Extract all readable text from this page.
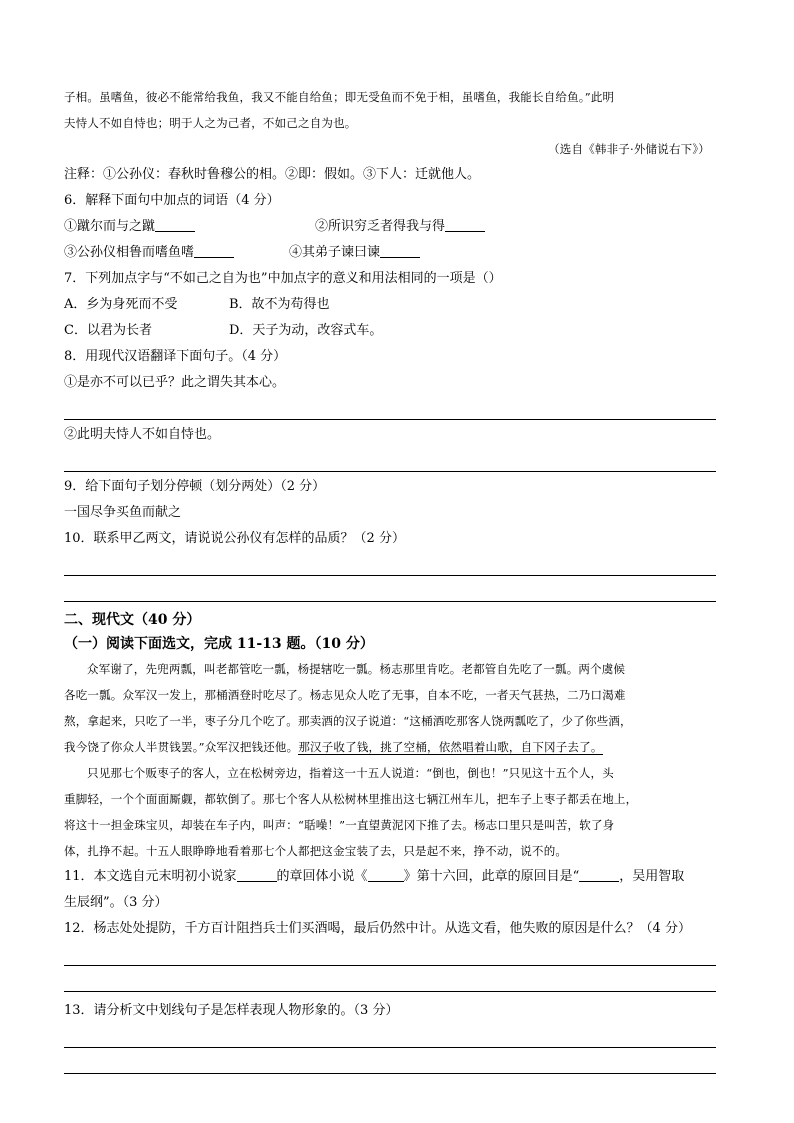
子相。虽嗜鱼，彼必不能常给我鱼，我又不能自给鱼；即无受鱼而不免于相，虽嗜鱼，我能长自给鱼。”此明
夫恃人不如自恃也；明于人之为己者，不如己之自为也。
（选自《韩非子·外储说右下》）
注释：①公孙仪：春秋时鲁穆公的相。②即：假如。③下人：迁就他人。
6．解释下面句中加点的词语（4 分）
①蹴尔而与之蹴	②所识穷乏者得我与得
③公孙仪相鲁而嗜鱼嗜	④其弟子谏曰谏
7．下列加点字与“不如己之自为也”中加点字的意义和用法相同的一项是（）
A．乡为身死而不受	B．故不为苟得也
C．以君为长者	D．天子为动，改容式车。
8．用现代汉语翻译下面句子。（4 分）
①是亦不可以已乎？此之谓失其本心。
②此明夫恃人不如自恃也。
9．给下面句子划分停顿（划分两处）（2 分）
一国尽争买鱼而献之
10．联系甲乙两文，请说说公孙仪有怎样的品质？（2 分）
二、现代文（40 分）
（一）阅读下面选文，完成 11-13 题。（10 分）
众军谢了，先兜两瓢，叫老都管吃一瓢，杨提辖吃一瓢。杨志那里肯吃。老都管自先吃了一瓢。两个虞候
各吃一瓢。众军汉一发上，那桶酒登时吃尽了。杨志见众人吃了无事，自本不吃，一者天气甚热，二乃口渴难
熬，拿起来，只吃了一半，枣子分几个吃了。那卖酒的汉子说道：“这桶酒吃那客人饶两瓢吃了，少了你些酒，
我今饶了你众人半贯钱罢。”众军汉把钱还他。那汉子收了钱，挑了空桶，依然唱着山歌，自下冈子去了。
只见那七个贩枣子的客人，立在松树旁边，指着这一十五人说道：“倒也，倒也！”只见这十五个人，头
重脚轻，一个个面面厮觑，都软倒了。那七个客人从松树林里推出这七辆江州车儿，把车子上枣子都丢在地上，
将这十一担金珠宝贝，却装在车子内，叫声：“聒噪！”一直望黄泥冈下推了去。杨志口里只是叫苦，软了身
体，扎挣不起。十五人眼睁睁地看着那七个人都把这金宝装了去，只是起不来，挣不动，说不的。
11．本文选自元末明初小说家	的章回体小说《	》第十六回，此章的原回目是“	，吴用智取
生辰纲”。（3 分）
12．杨志处处提防，千方百计阻挡兵士们买酒喝，最后仍然中计。从选文看，他失败的原因是什么？（4 分）
13．请分析文中划线句子是怎样表现人物形象的。（3 分）
